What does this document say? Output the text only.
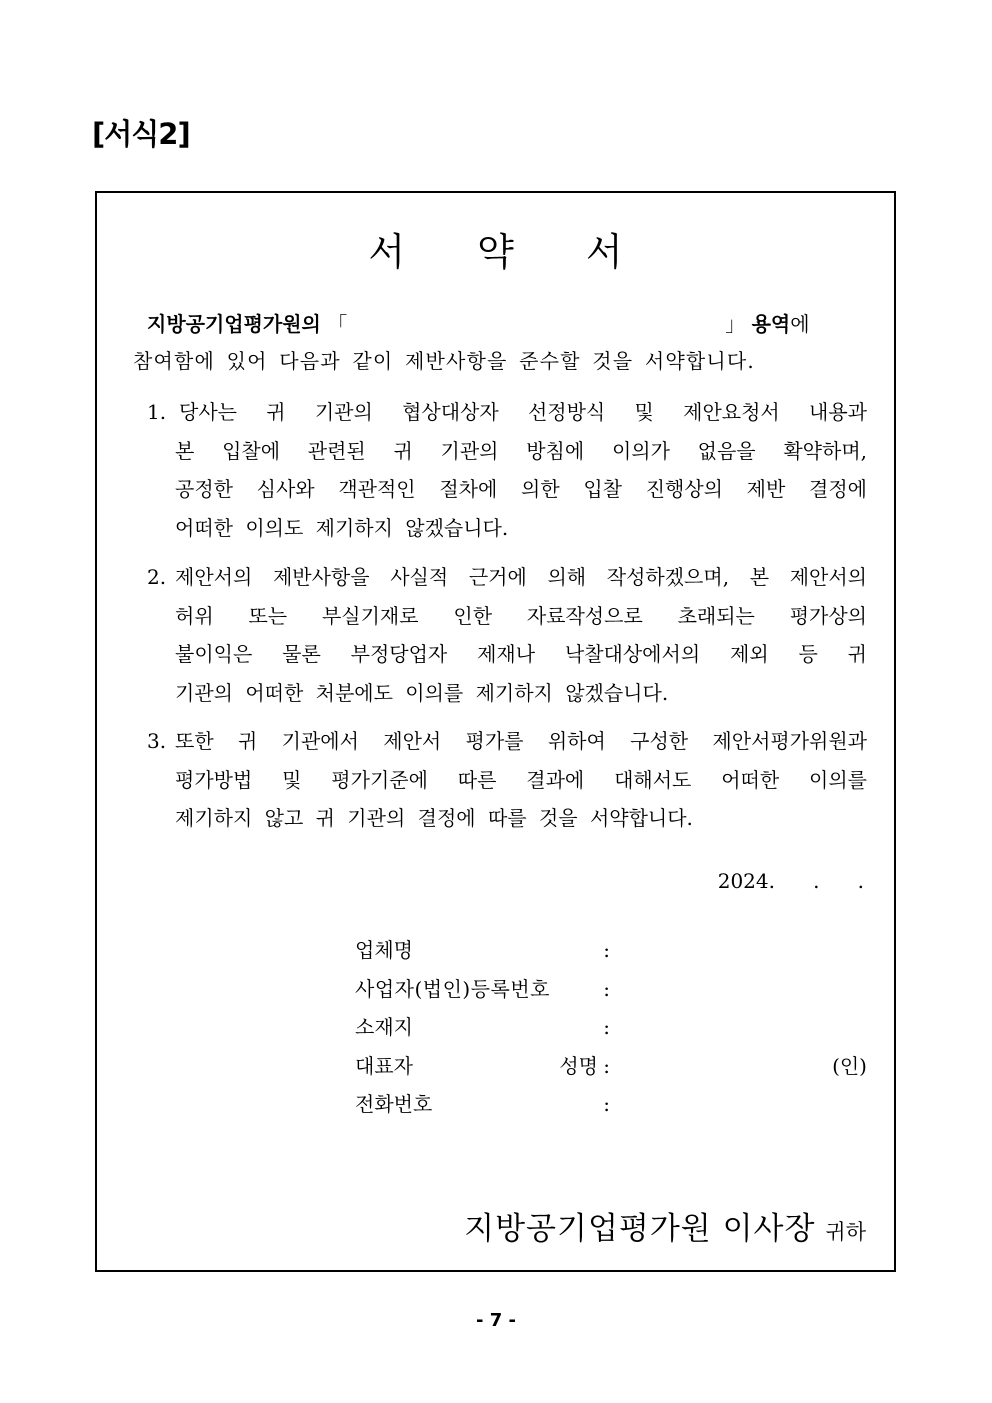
[서식2]
서 약 서
지방공기업평가원의 「	」 용역에
참여함에 있어 다음과 같이 제반사항을 준수할 것을 서약합니다.
1. 당사는 귀 기관의 협상대상자 선정방식 및 제안요청서 내용과
본 입찰에 관련된 귀 기관의 방침에 이의가 없음을 확약하며,
공정한 심사와 객관적인 절차에 의한 입찰 진행상의 제반 결정에
어떠한 이의도 제기하지 않겠습니다.
2. 제안서의 제반사항을 사실적 근거에 의해 작성하겠으며, 본 제안서의
허위 또는 부실기재로 인한 자료작성으로 초래되는 평가상의
불이익은 물론 부정당업자 제재나 낙찰대상에서의 제외 등 귀
기관의 어떠한 처분에도 이의를 제기하지 않겠습니다.
3. 또한 귀 기관에서 제안서 평가를 위하여 구성한 제안서평가위원과
평가방법 및 평가기준에 따른 결과에 대해서도 어떠한 이의를
제기하지 않고 귀 기관의 결정에 따를 것을 서약합니다.
2024.      .      .
업체명	:
사업자(법인)등록번호	:
소재지	:
대표자 성명 :	(인)
전화번호	:
지방공기업평가원 이사장 귀하
- 7 -
